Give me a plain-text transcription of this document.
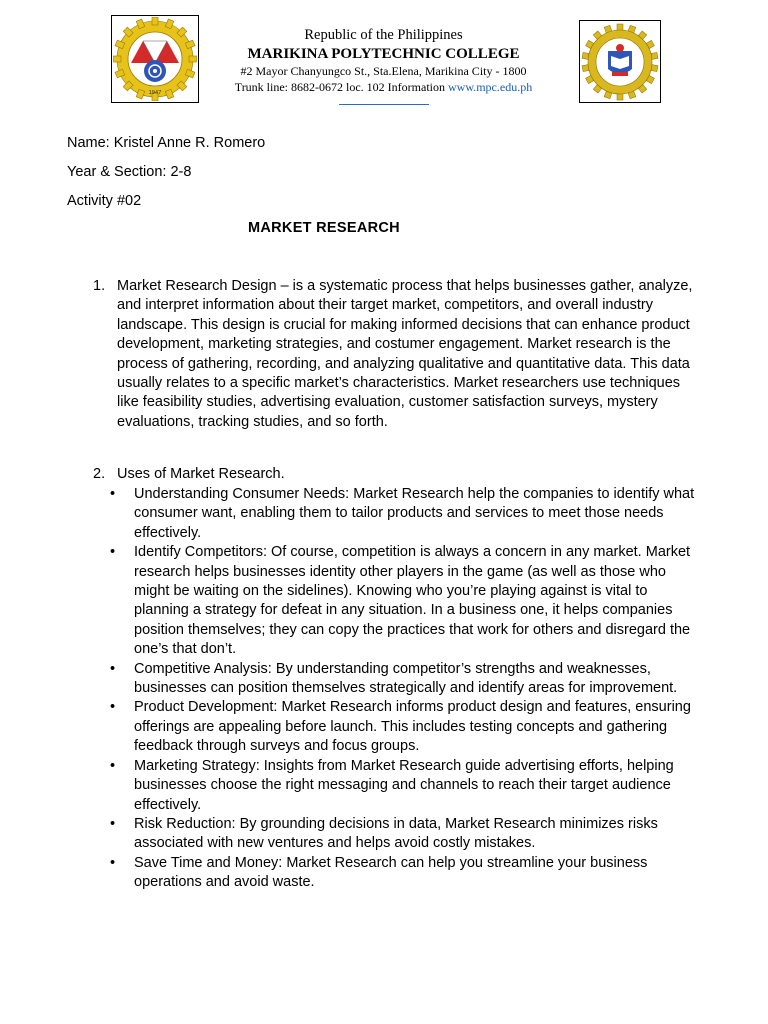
1947
Republic of the Philippines
MARIKINA POLYTECHNIC COLLEGE
#2 Mayor Chanyungco St., Sta.Elena, Marikina City - 1800
Trunk line: 8682-0672 loc. 102 Information www.mpc.edu.ph
Name: Kristel Anne R. Romero
Year & Section: 2-8
Activity #02
MARKET RESEARCH
1. Market Research Design – is a systematic process that helps businesses gather, analyze, and interpret information about their target market, competitors, and overall industry landscape. This design is crucial for making informed decisions that can enhance product development, marketing strategies, and costumer engagement. Market research is the process of gathering, recording, and analyzing qualitative and quantitative data. This data usually relates to a specific market’s characteristics. Market researchers use techniques like feasibility studies, advertising evaluation, customer satisfaction surveys, mystery evaluations, tracking studies, and so forth.
2. Uses of Market Research.
• Understanding Consumer Needs: Market Research help the companies to identify what consumer want, enabling them to tailor products and services to meet those needs effectively.
• Identify Competitors: Of course, competition is always a concern in any market. Market research helps businesses identity other players in the game (as well as those who might be waiting on the sidelines). Knowing who you’re playing against is vital to planning a strategy for defeat in any situation. In a business one, it helps companies position themselves; they can copy the practices that work for others and disregard the one’s that don’t.
• Competitive Analysis: By understanding competitor’s strengths and weaknesses, businesses can position themselves strategically and identify areas for improvement.
• Product Development: Market Research informs product design and features, ensuring offerings are appealing before launch. This includes testing concepts and gathering feedback through surveys and focus groups.
• Marketing Strategy: Insights from Market Research guide advertising efforts, helping businesses choose the right messaging and channels to reach their target audience effectively.
• Risk Reduction: By grounding decisions in data, Market Research minimizes risks associated with new ventures and helps avoid costly mistakes.
• Save Time and Money: Market Research can help you streamline your business operations and avoid waste.
